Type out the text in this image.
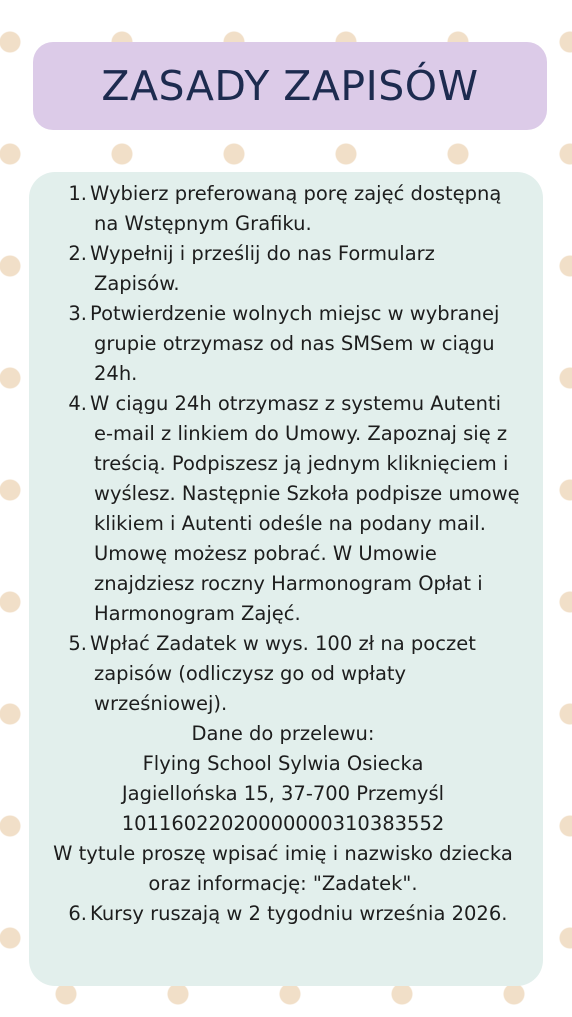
ZASADY ZAPISÓW
1. Wybierz preferowaną porę zajęć dostępną
na Wstępnym Grafiku.
2. Wypełnij i prześlij do nas Formularz
Zapisów.
3. Potwierdzenie wolnych miejsc w wybranej
grupie otrzymasz od nas SMSem w ciągu
24h.
4. W ciągu 24h otrzymasz z systemu Autenti
e-mail z linkiem do Umowy. Zapoznaj się z
treścią. Podpiszesz ją jednym kliknięciem i
wyślesz. Następnie Szkoła podpisze umowę
klikiem i Autenti odeśle na podany mail.
Umowę możesz pobrać. W Umowie
znajdziesz roczny Harmonogram Opłat i
Harmonogram Zajęć.
5. Wpłać Zadatek w wys. 100 zł na poczet
zapisów (odliczysz go od wpłaty
wrześniowej).
Dane do przelewu:
Flying School Sylwia Osiecka
Jagiellońska 15, 37-700 Przemyśl
10116022020000000310383552
W tytule proszę wpisać imię i nazwisko dziecka
oraz informację: "Zadatek".
6. Kursy ruszają w 2 tygodniu września 2026.
